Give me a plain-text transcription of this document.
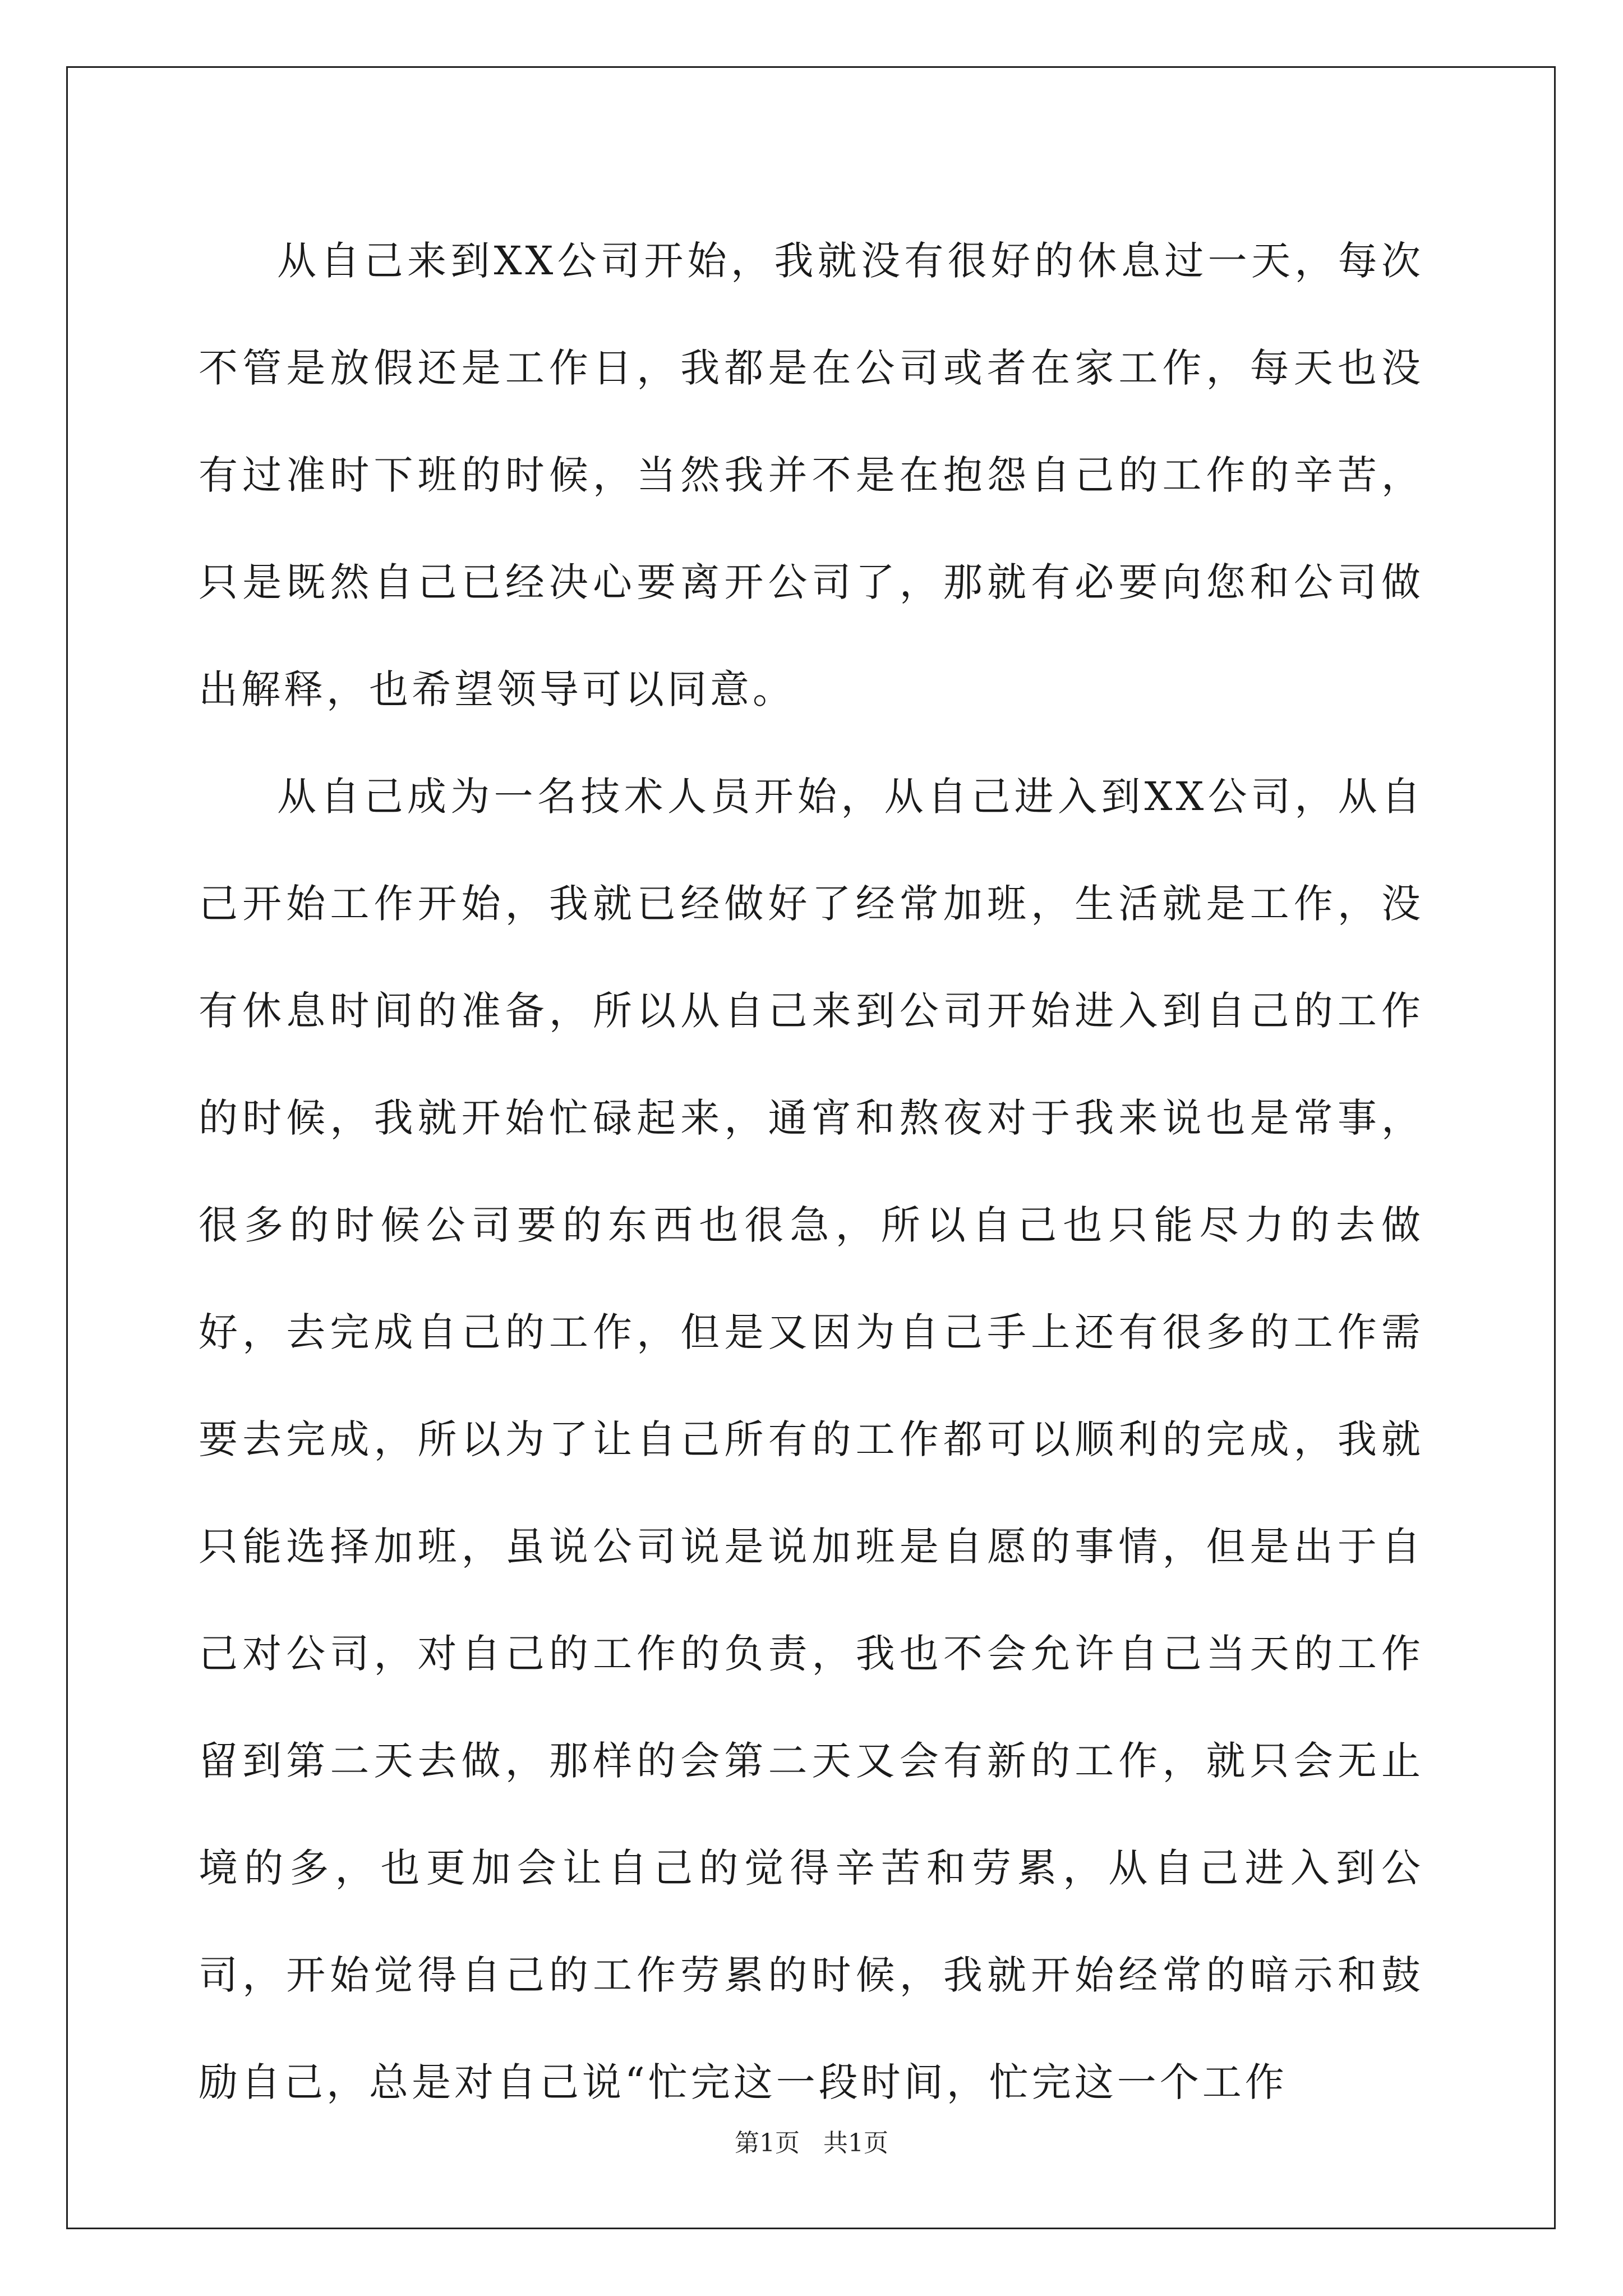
从自己来到XX公司开始，我就没有很好的休息过一天，每次不管是放假还是工作日，我都是在公司或者在家工作，每天也没有过准时下班的时候，当然我并不是在抱怨自己的工作的辛苦，只是既然自己已经决心要离开公司了，那就有必要向您和公司做出解释，也希望领导可以同意。

从自己成为一名技术人员开始，从自己进入到XX公司，从自己开始工作开始，我就已经做好了经常加班，生活就是工作，没有休息时间的准备，所以从自己来到公司开始进入到自己的工作的时候，我就开始忙碌起来，通宵和熬夜对于我来说也是常事，很多的时候公司要的东西也很急，所以自己也只能尽力的去做好，去完成自己的工作，但是又因为自己手上还有很多的工作需要去完成，所以为了让自己所有的工作都可以顺利的完成，我就只能选择加班，虽说公司说是说加班是自愿的事情，但是出于自己对公司，对自己的工作的负责，我也不会允许自己当天的工作留到第二天去做，那样的会第二天又会有新的工作，就只会无止境的多，也更加会让自己的觉得辛苦和劳累，从自己进入到公司，开始觉得自己的工作劳累的时候，我就开始经常的暗示和鼓励自己，总是对自己说“忙完这一段时间，忙完这一个工作

第1页   共1页
